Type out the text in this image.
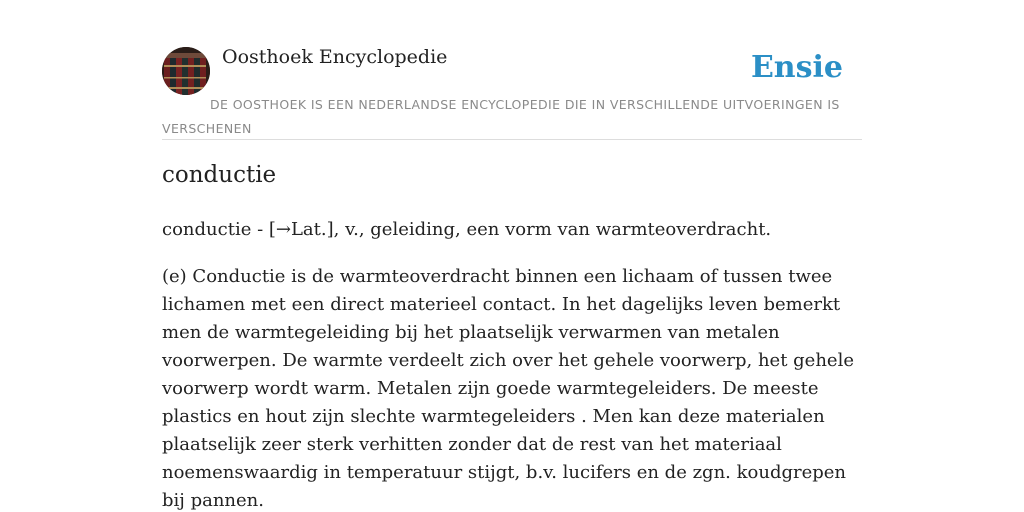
Oosthoek Encyclopedie	Ensie
DE OOSTHOEK IS EEN NEDERLANDSE ENCYCLOPEDIE DIE IN VERSCHILLENDE UITVOERINGEN IS VERSCHENEN
conductie

conductie - [→Lat.], v., geleiding, een vorm van warmteoverdracht.

(e) Conductie is de warmteoverdracht binnen een lichaam of tussen twee lichamen met een direct materieel contact. In het dagelijks leven bemerkt men de warmtegeleiding bij het plaatselijk verwarmen van metalen voorwerpen. De warmte verdeelt zich over het gehele voorwerp, het gehele voorwerp wordt warm. Metalen zijn goede warmtegeleiders. De meeste plastics en hout zijn slechte warmtegeleiders . Men kan deze materialen plaatselijk zeer sterk verhitten zonder dat de rest van het materiaal noemenswaardig in temperatuur stijgt, b.v. lucifers en de zgn. koudgrepen bij pannen.
